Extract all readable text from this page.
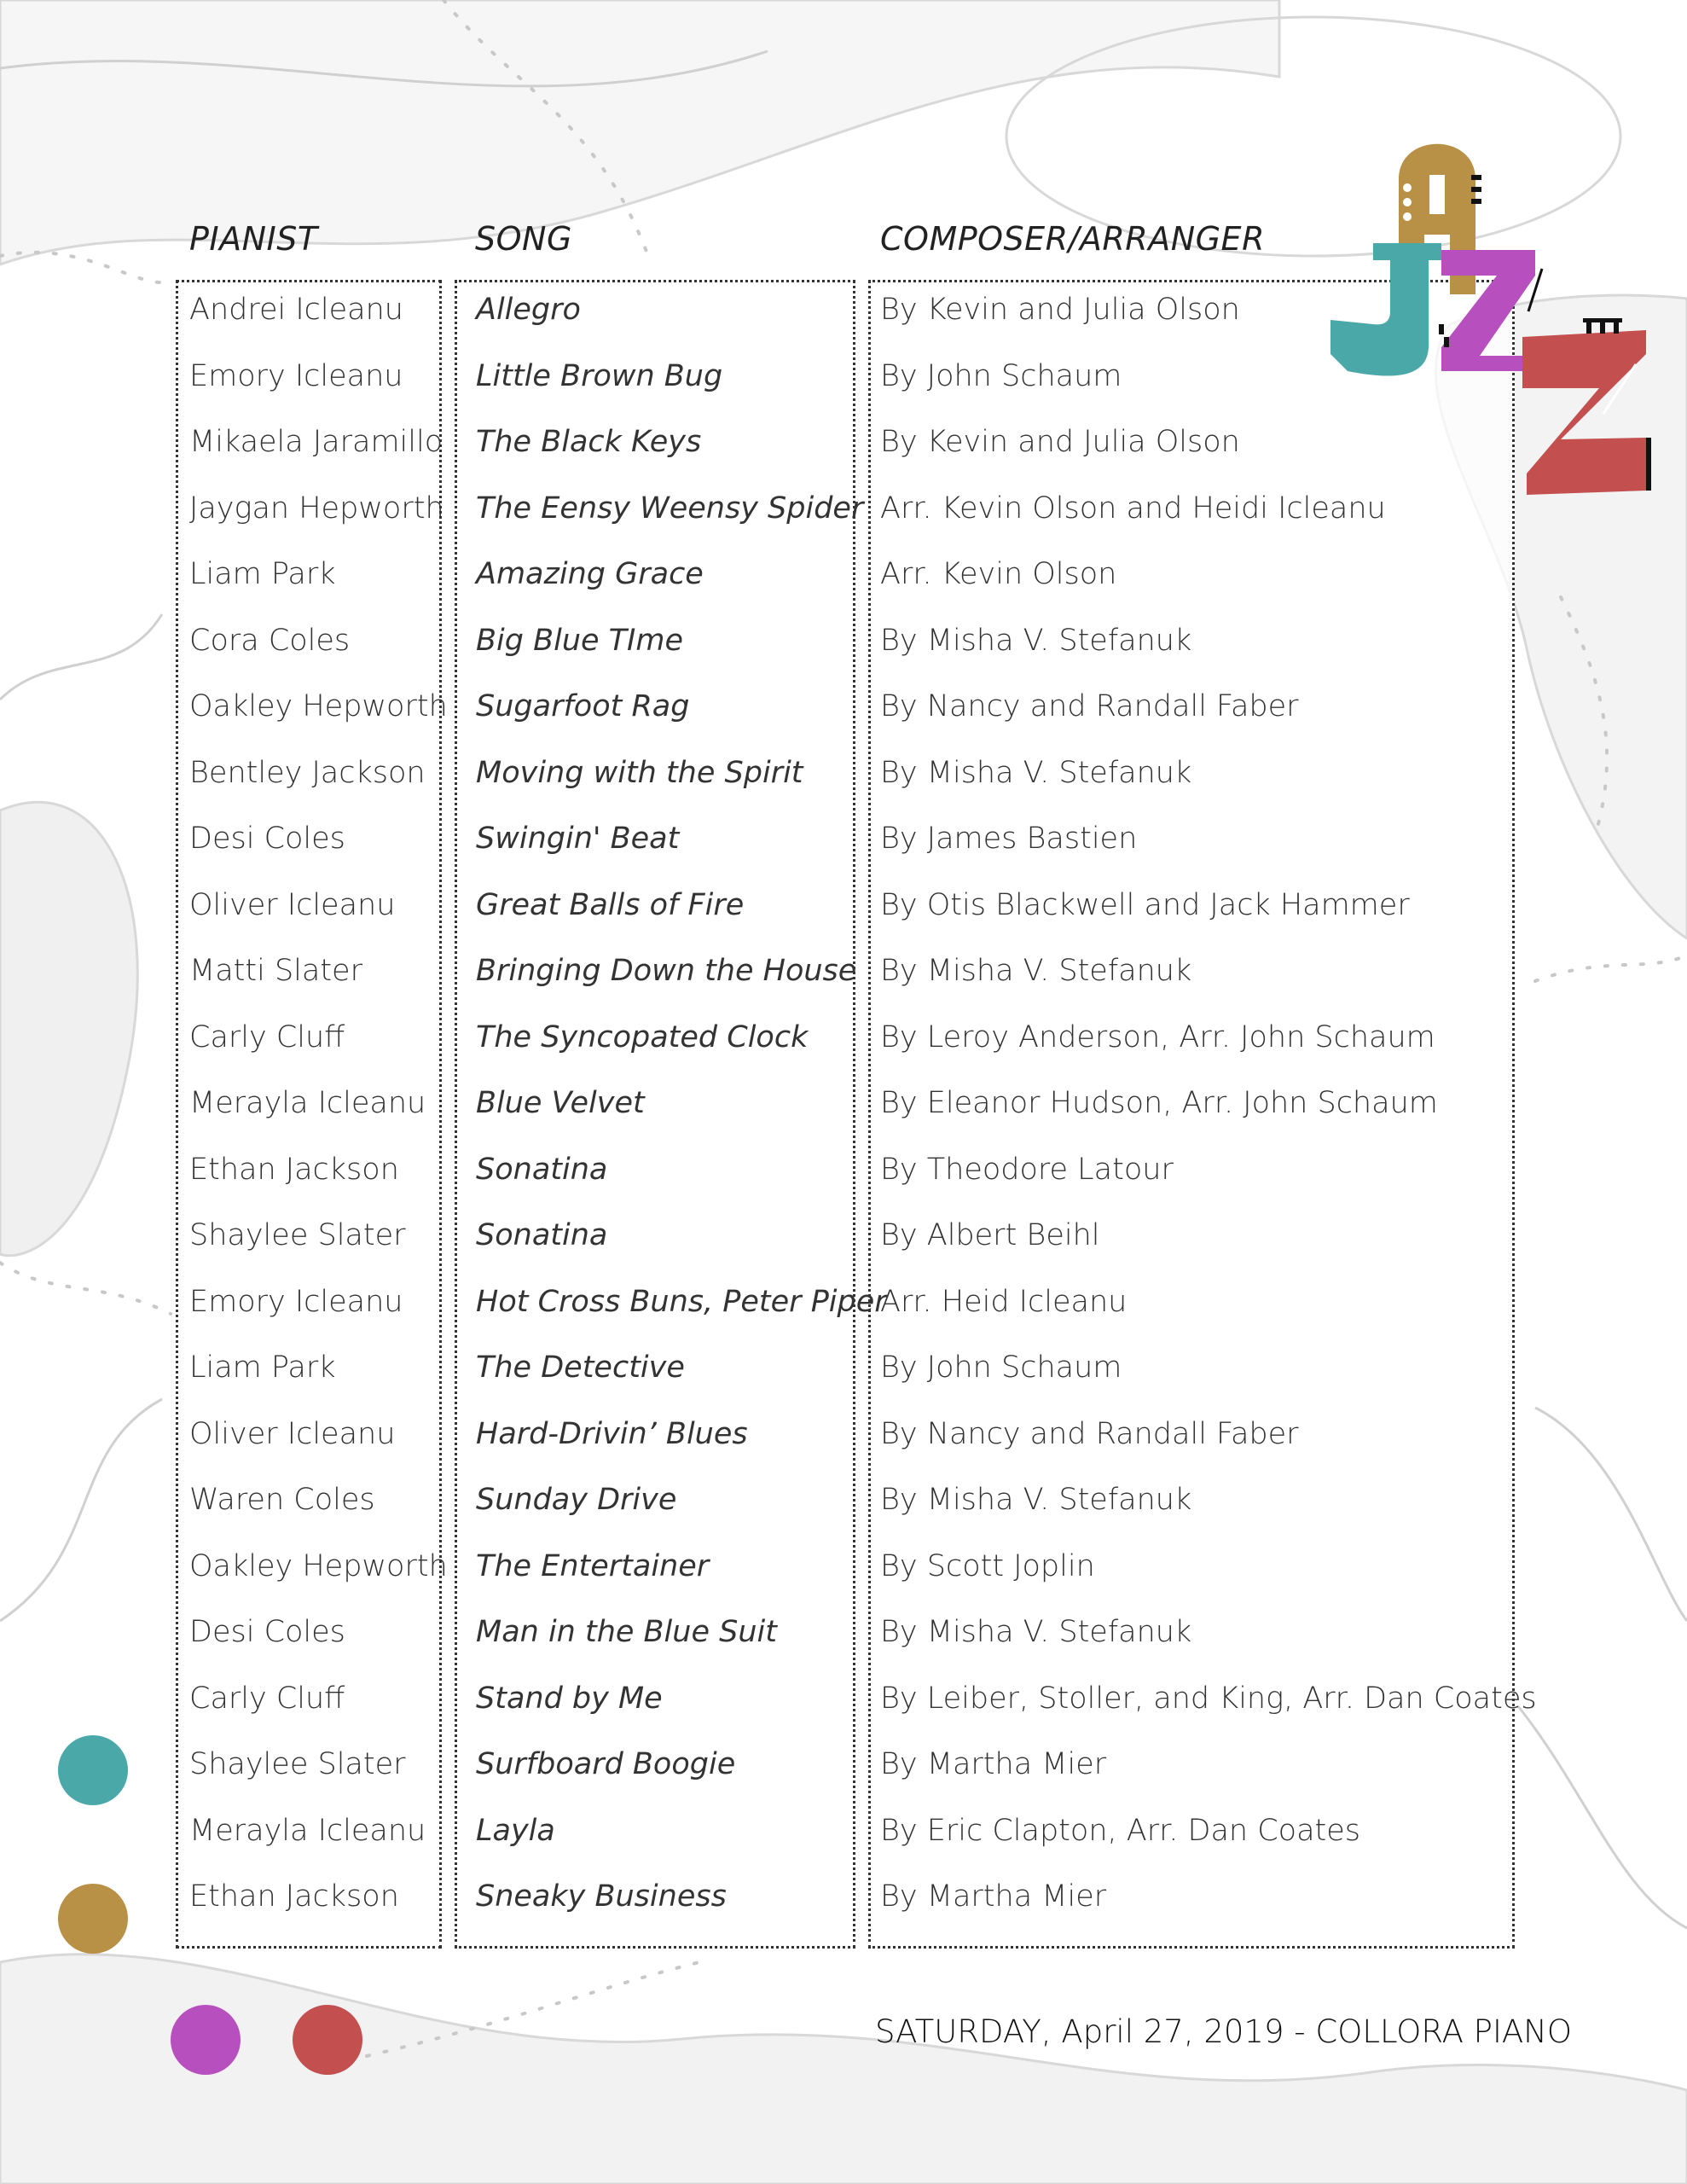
PIANIST	SONG	COMPOSER/ARRANGER
Andrei Icleanu
Emory Icleanu
Mikaela Jaramillo
Jaygan Hepworth
Liam Park
Cora Coles
Oakley Hepworth
Bentley Jackson
Desi Coles
Oliver Icleanu
Matti Slater
Carly Cluff
Merayla Icleanu
Ethan Jackson
Shaylee Slater
Emory Icleanu
Liam Park
Oliver Icleanu
Waren Coles
Oakley Hepworth
Desi Coles
Carly Cluff
Shaylee Slater
Merayla Icleanu
Ethan Jackson
Allegro
Little Brown Bug
The Black Keys
The Eensy Weensy Spider
Amazing Grace
Big Blue TIme
Sugarfoot Rag
Moving with the Spirit
Swingin' Beat
Great Balls of Fire
Bringing Down the House
The Syncopated Clock
Blue Velvet
Sonatina
Sonatina
Hot Cross Buns, Peter Piper
The Detective
Hard-Drivin’ Blues
Sunday Drive
The Entertainer
Man in the Blue Suit
Stand by Me
Surfboard Boogie
Layla
Sneaky Business
By Kevin and Julia Olson
By John Schaum
By Kevin and Julia Olson
Arr. Kevin Olson and Heidi Icleanu
Arr. Kevin Olson
By Misha V. Stefanuk
By Nancy and Randall Faber
By Misha V. Stefanuk
By James Bastien
By Otis Blackwell and Jack Hammer
By Misha V. Stefanuk
By Leroy Anderson, Arr. John Schaum
By Eleanor Hudson, Arr. John Schaum
By Theodore Latour
By Albert Beihl
Arr. Heid Icleanu
By John Schaum
By Nancy and Randall Faber
By Misha V. Stefanuk
By Scott Joplin
By Misha V. Stefanuk
By Leiber, Stoller, and King, Arr. Dan Coates
By Martha Mier
By Eric Clapton, Arr. Dan Coates
By Martha Mier
SATURDAY, April 27, 2019 - COLLORA PIANO
